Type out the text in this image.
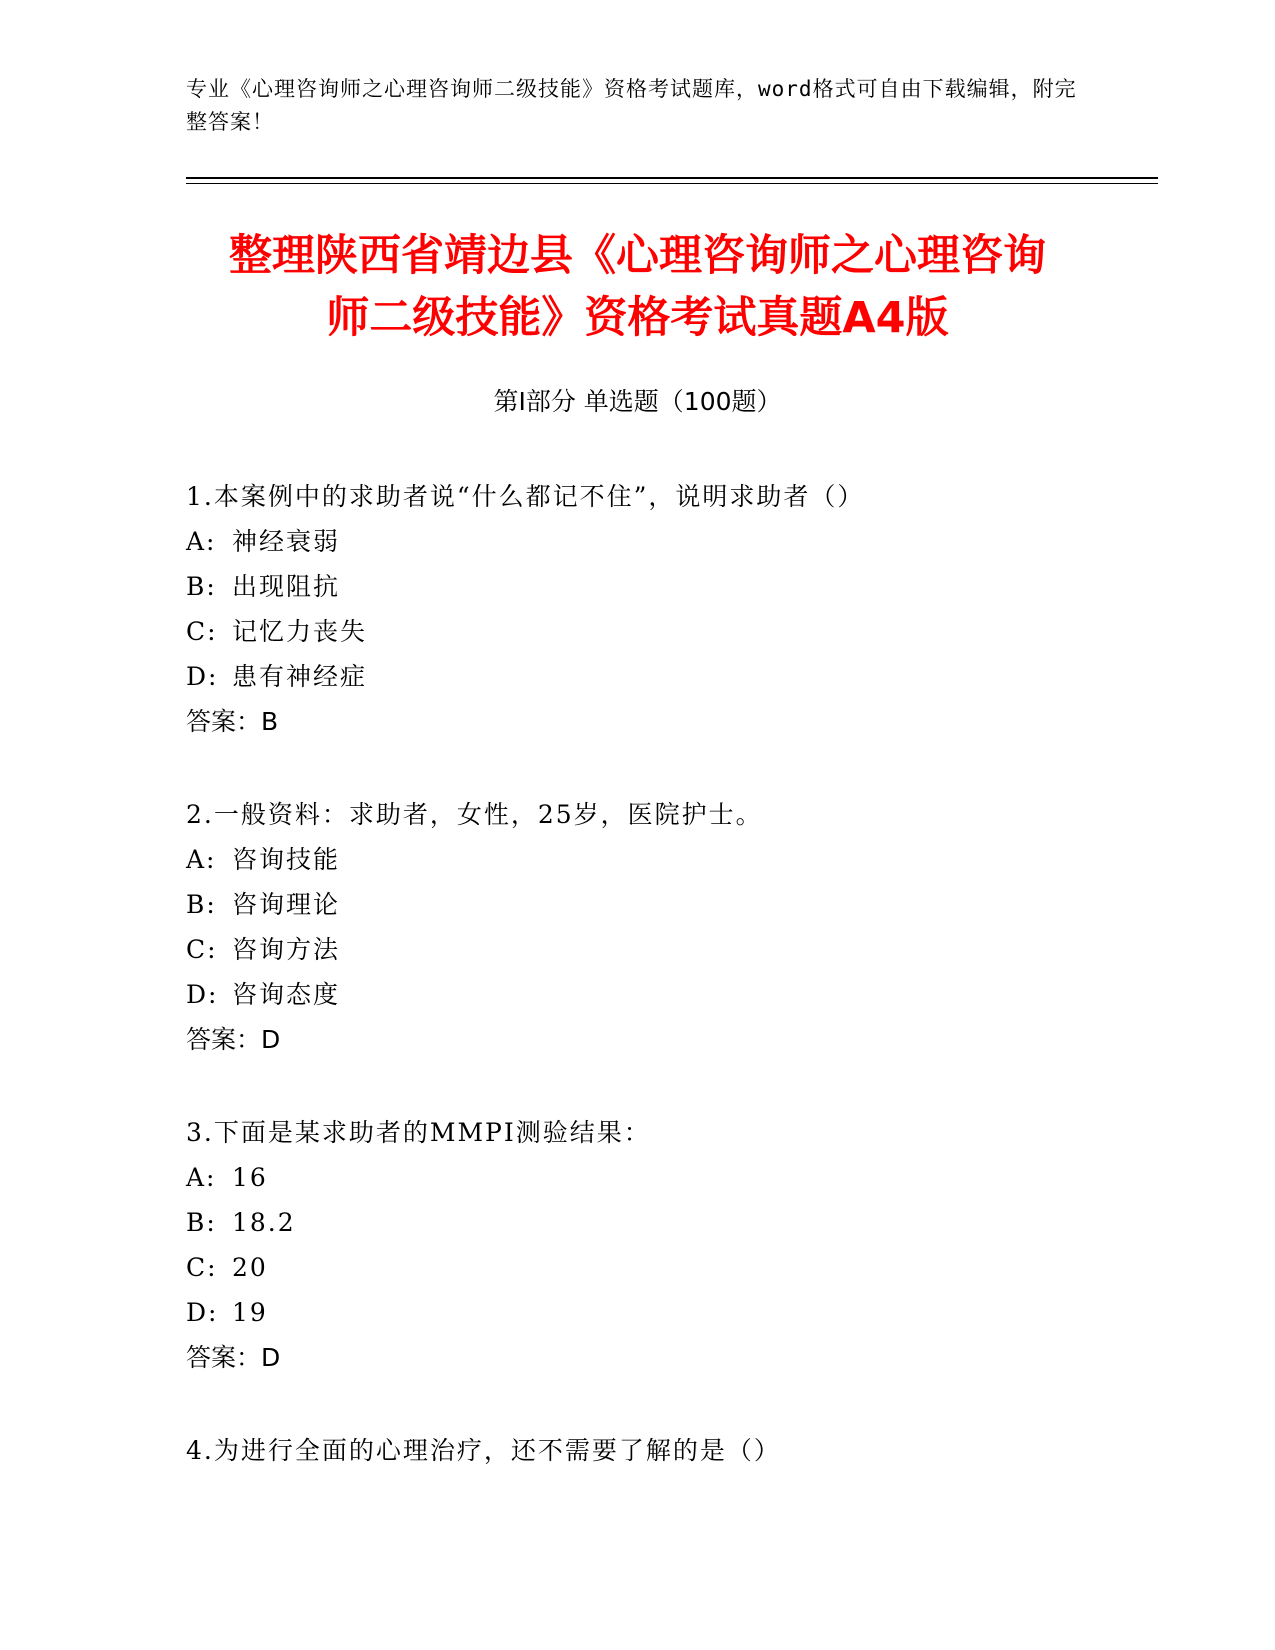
专业《心理咨询师之心理咨询师二级技能》资格考试题库，word格式可自由下载编辑，附完整答案！
整理陕西省靖边县《心理咨询师之心理咨询
师二级技能》资格考试真题A4版
第Ⅰ部分 单选题（100题）
1.本案例中的求助者说“什么都记不住”，说明求助者（）
A: 神经衰弱
B: 出现阻抗
C: 记忆力丧失
D: 患有神经症
答案：B
2.一般资料：求助者，女性，25岁，医院护士。
A: 咨询技能
B: 咨询理论
C: 咨询方法
D: 咨询态度
答案：D
3.下面是某求助者的MMPI测验结果：
A: 16
B: 18.2
C: 20
D: 19
答案：D
4.为进行全面的心理治疗，还不需要了解的是（）
